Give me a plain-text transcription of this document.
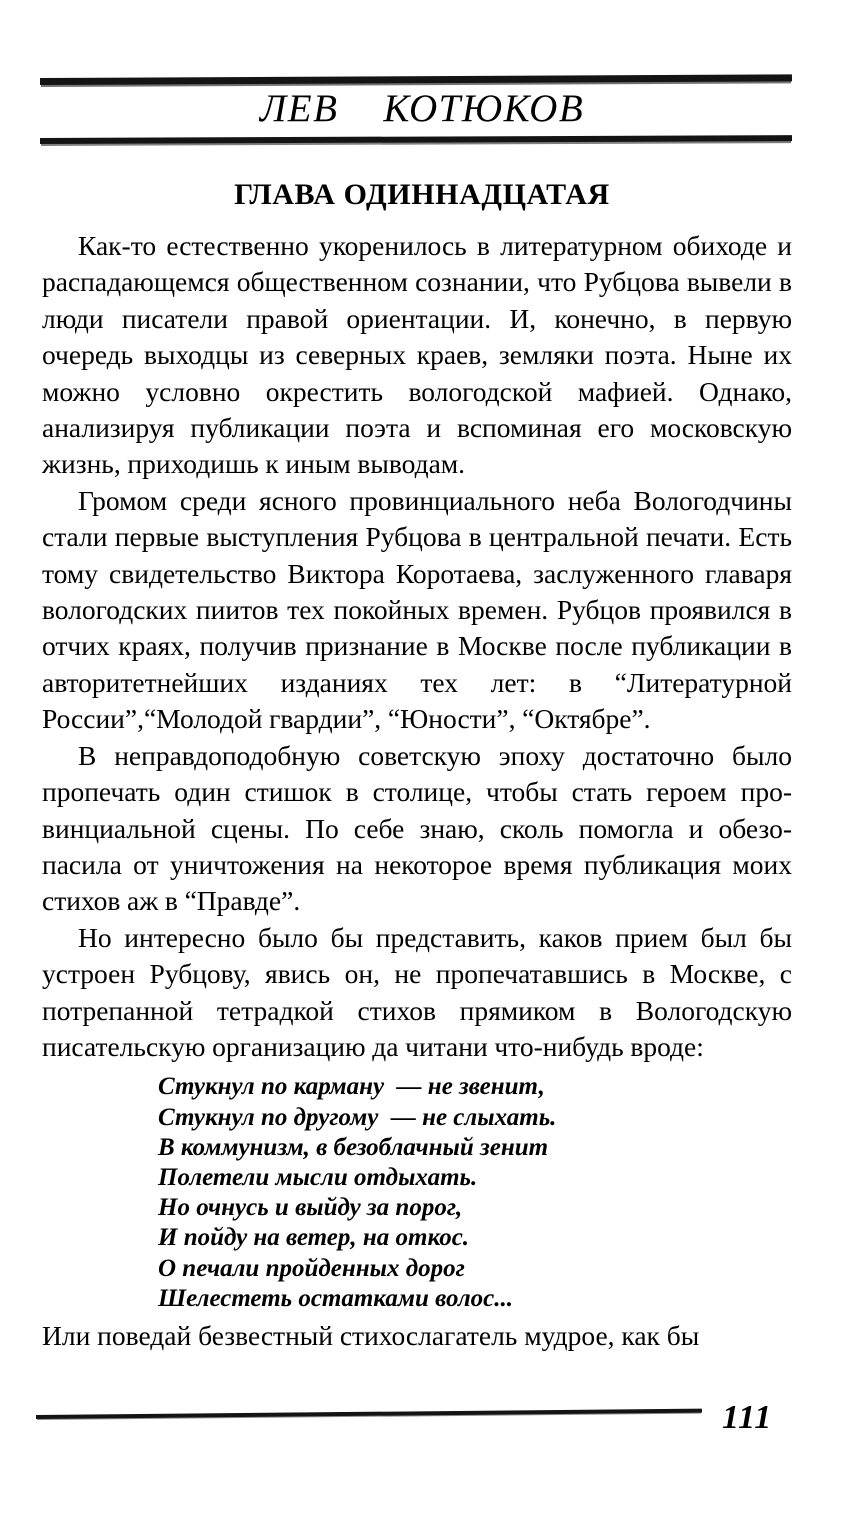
ЛЕВ    КОТЮКОВ
ГЛАВА ОДИННАДЦАТАЯ

Как-то естественно укоренилось в литературном обиходе и распадающемся общественном сознании, что Рубцова вывели в люди писатели правой ориентации. И, конечно, в первую очередь выходцы из северных краев, земляки поэта. Ныне их можно условно окрестить вологодской мафией. Однако, анализируя публикации поэта и вспоминая его московскую жизнь, приходишь к иным выводам.

Громом среди ясного провинциального неба Вологодчины стали первые выступления Рубцова в центральной печати. Есть тому свидетельство Виктора Коротаева, заслуженного главаря вологодских пиитов тех покойных времен. Рубцов проявился в отчих краях, получив признание в Москве после публикации в авторитетнейших изданиях тех лет: в “Литературной России”,“Молодой гвардии”, “Юности”, “Октябре”.

В неправдоподобную советскую эпоху достаточно было пропечать один стишок в столице, чтобы стать героем провинциальной сцены. По себе знаю, сколь помогла и обезопасила от уничтожения на некоторое время публикация моих стихов аж в “Правде”.

Но интересно было бы представить, каков прием был бы устроен Рубцову, явись он, не пропечатавшись в Москве, с потрепанной тетрадкой стихов прямиком в Вологодскую писательскую организацию да читани что-нибудь вроде:

Стукнул по карману  — не звенит,
Стукнул по другому  — не слыхать.
В коммунизм, в безоблачный зенит
Полетели мысли отдыхать.
Но очнусь и выйду за порог,
И пойду на ветер, на откос.
О печали пройденных дорог
Шелестеть остатками волос...

Или поведай безвестный стихослагатель мудрое, как бы

111
